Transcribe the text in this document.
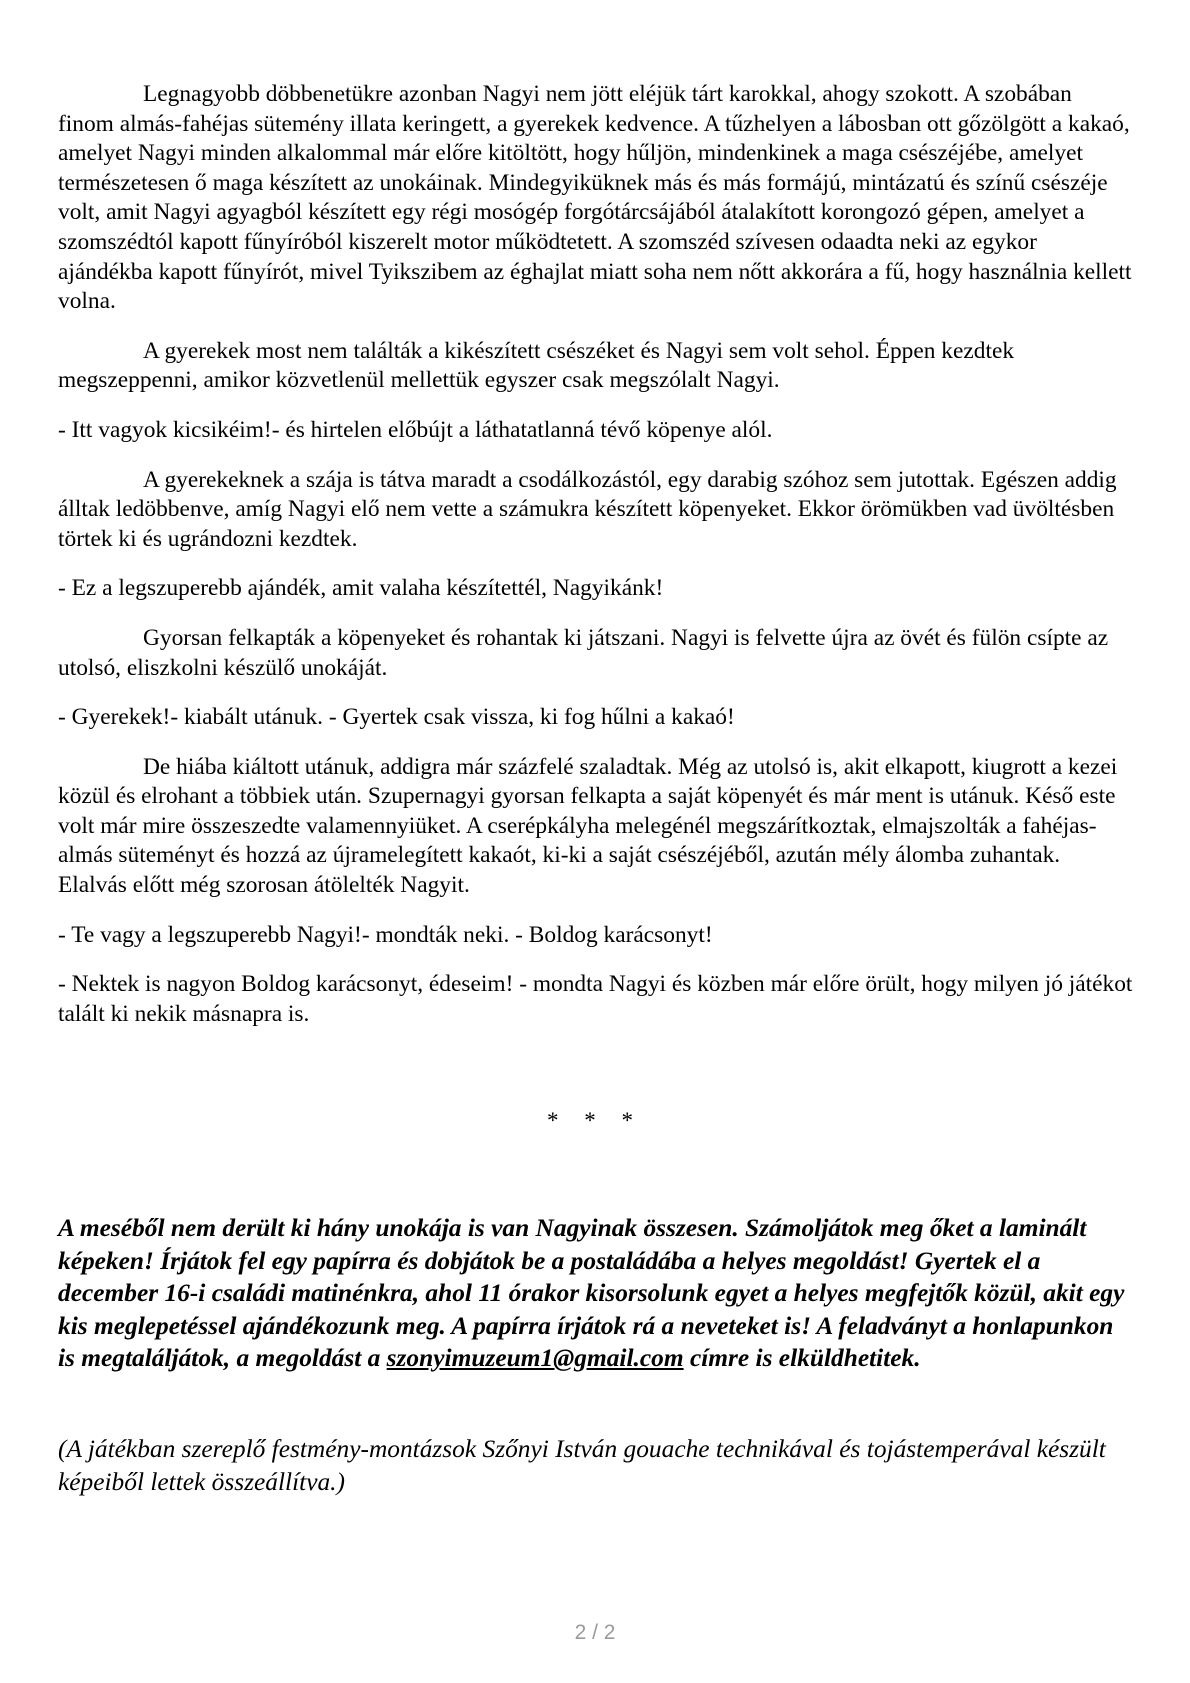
Legnagyobb döbbenetükre azonban Nagyi nem jött eléjük tárt karokkal, ahogy szokott. A szobában finom almás-fahéjas sütemény illata keringett, a gyerekek kedvence. A tűzhelyen a lábosban ott gőzölgött a kakaó, amelyet Nagyi minden alkalommal már előre kitöltött, hogy hűljön, mindenkinek a maga csészéjébe, amelyet természetesen ő maga készített az unokáinak. Mindegyiküknek más és más formájú, mintázatú és színű csészéje volt, amit Nagyi agyagból készített egy régi mosógép forgótárcsájából átalakított korongozó gépen, amelyet a szomszédtól kapott fűnyíróból kiszerelt motor működtetett. A szomszéd szívesen odaadta neki az egykor ajándékba kapott fűnyírót, mivel Tyikszibem az éghajlat miatt soha nem nőtt akkorára a fű, hogy használnia kellett volna.

A gyerekek most nem találták a kikészített csészéket és Nagyi sem volt sehol. Éppen kezdtek megszeppenni, amikor közvetlenül mellettük egyszer csak megszólalt Nagyi.

- Itt vagyok kicsikéim!- és hirtelen előbújt a láthatatlanná tévő köpenye alól.

A gyerekeknek a szája is tátva maradt a csodálkozástól, egy darabig szóhoz sem jutottak. Egészen addig álltak ledöbbenve, amíg Nagyi elő nem vette a számukra készített köpenyeket. Ekkor örömükben vad üvöltésben törtek ki és ugrándozni kezdtek.

- Ez a legszuperebb ajándék, amit valaha készítettél, Nagyikánk!

Gyorsan felkapták a köpenyeket és rohantak ki játszani. Nagyi is felvette újra az övét és fülön csípte az utolsó, eliszkolni készülő unokáját.

- Gyerekek!- kiabált utánuk. - Gyertek csak vissza, ki fog hűlni a kakaó!

De hiába kiáltott utánuk, addigra már százfelé szaladtak. Még az utolsó is, akit elkapott, kiugrott a kezei közül és elrohant a többiek után. Szupernagyi gyorsan felkapta a saját köpenyét és már ment is utánuk. Késő este volt már mire összeszedte valamennyiüket. A cserépkályha melegénél megszárítkoztak, elmajszolták a fahéjas-almás süteményt és hozzá az újramelegített kakaót, ki-ki a saját csészéjéből, azután mély álomba zuhantak. Elalvás előtt még szorosan átölelték Nagyit.

- Te vagy a legszuperebb Nagyi!- mondták neki. - Boldog karácsonyt!

- Nektek is nagyon Boldog karácsonyt, édeseim! - mondta Nagyi és közben már előre örült, hogy milyen jó játékot talált ki nekik másnapra is.

* * *

A meséből nem derült ki hány unokája is van Nagyinak összesen. Számoljátok meg őket a laminált képeken! Írjátok fel egy papírra és dobjátok be a postaládába a helyes megoldást! Gyertek el a december 16-i családi matinénkra, ahol 11 órakor kisorsolunk egyet a helyes megfejtők közül, akit egy kis meglepetéssel ajándékozunk meg. A papírra írjátok rá a neveteket is! A feladványt a honlapunkon is megtaláljátok, a megoldást a szonyimuzeum1@gmail.com címre is elküldhetitek.

(A játékban szereplő festmény-montázsok Szőnyi István gouache technikával és tojástemperával készült képeiből lettek összeállítva.)

2 / 2
